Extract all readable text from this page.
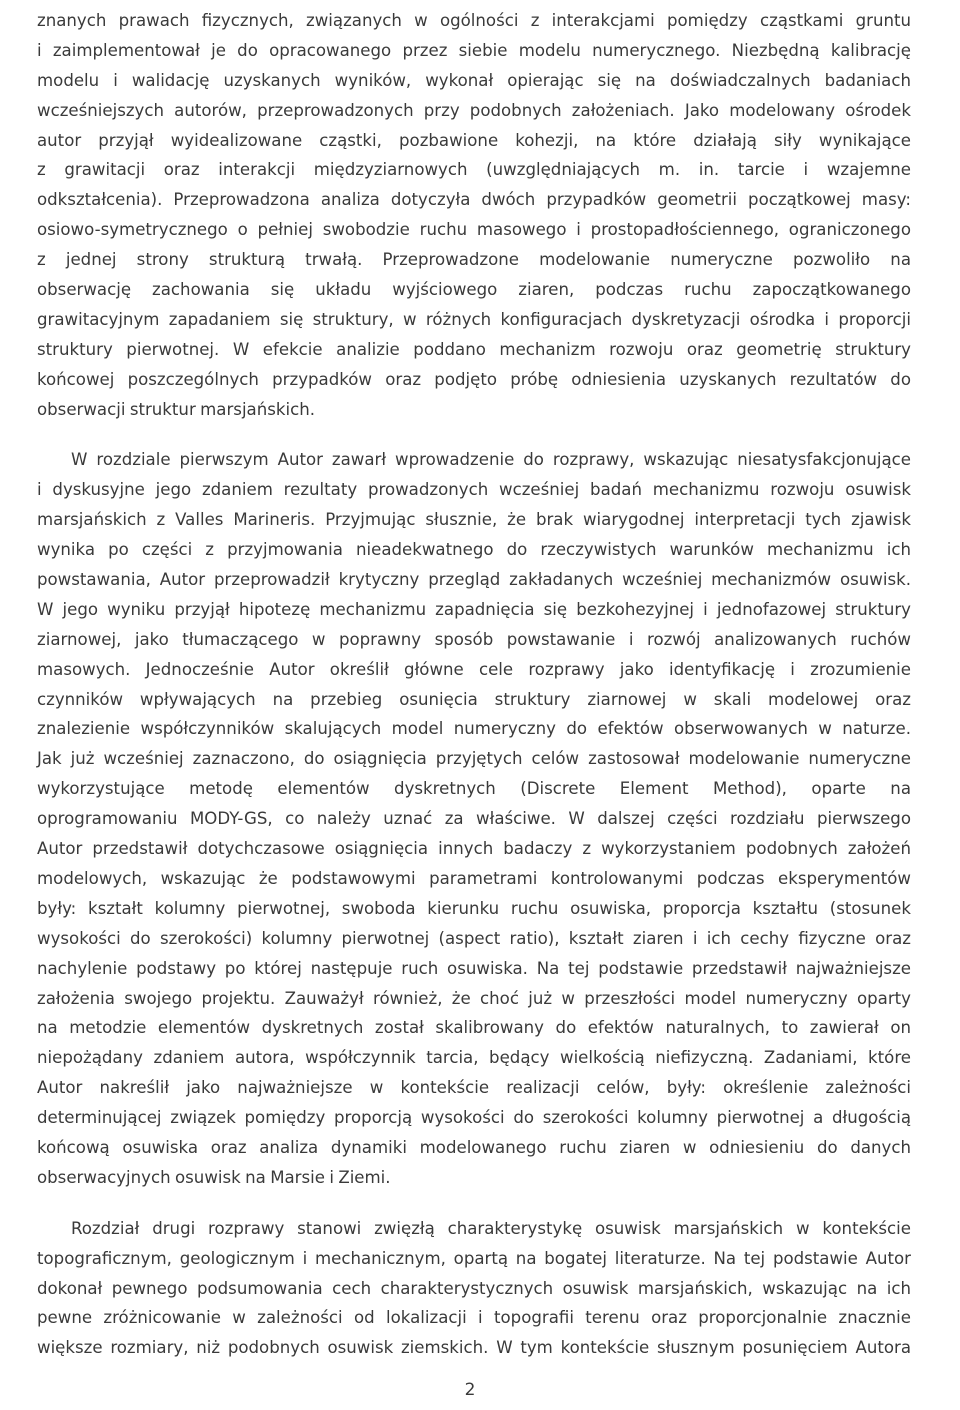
znanych prawach fizycznych, związanych w ogólności z interakcjami pomiędzy cząstkami gruntu
i zaimplementował je do opracowanego przez siebie modelu numerycznego. Niezbędną kalibrację
modelu i walidację uzyskanych wyników, wykonał opierając się na doświadczalnych badaniach
wcześniejszych autorów, przeprowadzonych przy podobnych założeniach. Jako modelowany ośrodek
autor przyjął wyidealizowane cząstki, pozbawione kohezji, na które działają siły wynikające
z grawitacji oraz interakcji międzyziarnowych (uwzględniających m. in. tarcie i wzajemne
odkształcenia). Przeprowadzona analiza dotyczyła dwóch przypadków geometrii początkowej masy:
osiowo-symetrycznego o pełniej swobodzie ruchu masowego i prostopadłościennego, ograniczonego
z jednej strony strukturą trwałą. Przeprowadzone modelowanie numeryczne pozwoliło na
obserwację zachowania się układu wyjściowego ziaren, podczas ruchu zapoczątkowanego
grawitacyjnym zapadaniem się struktury, w różnych konfiguracjach dyskretyzacji ośrodka i proporcji
struktury pierwotnej. W efekcie analizie poddano mechanizm rozwoju oraz geometrię struktury
końcowej poszczególnych przypadków oraz podjęto próbę odniesienia uzyskanych rezultatów do
obserwacji struktur marsjańskich.
W rozdziale pierwszym Autor zawarł wprowadzenie do rozprawy, wskazując niesatysfakcjonujące
i dyskusyjne jego zdaniem rezultaty prowadzonych wcześniej badań mechanizmu rozwoju osuwisk
marsjańskich z Valles Marineris. Przyjmując słusznie, że brak wiarygodnej interpretacji tych zjawisk
wynika po części z przyjmowania nieadekwatnego do rzeczywistych warunków mechanizmu ich
powstawania, Autor przeprowadził krytyczny przegląd zakładanych wcześniej mechanizmów osuwisk.
W jego wyniku przyjął hipotezę mechanizmu zapadnięcia się bezkohezyjnej i jednofazowej struktury
ziarnowej, jako tłumaczącego w poprawny sposób powstawanie i rozwój analizowanych ruchów
masowych. Jednocześnie Autor określił główne cele rozprawy jako identyfikację i zrozumienie
czynników wpływających na przebieg osunięcia struktury ziarnowej w skali modelowej oraz
znalezienie współczynników skalujących model numeryczny do efektów obserwowanych w naturze.
Jak już wcześniej zaznaczono, do osiągnięcia przyjętych celów zastosował modelowanie numeryczne
wykorzystujące metodę elementów dyskretnych (Discrete Element Method), oparte na
oprogramowaniu MODY-GS, co należy uznać za właściwe. W dalszej części rozdziału pierwszego
Autor przedstawił dotychczasowe osiągnięcia innych badaczy z wykorzystaniem podobnych założeń
modelowych, wskazując że podstawowymi parametrami kontrolowanymi podczas eksperymentów
były: kształt kolumny pierwotnej, swoboda kierunku ruchu osuwiska, proporcja kształtu (stosunek
wysokości do szerokości) kolumny pierwotnej (aspect ratio), kształt ziaren i ich cechy fizyczne oraz
nachylenie podstawy po której następuje ruch osuwiska. Na tej podstawie przedstawił najważniejsze
założenia swojego projektu. Zauważył również, że choć już w przeszłości model numeryczny oparty
na metodzie elementów dyskretnych został skalibrowany do efektów naturalnych, to zawierał on
niepożądany zdaniem autora, współczynnik tarcia, będący wielkością niefizyczną. Zadaniami, które
Autor nakreślił jako najważniejsze w kontekście realizacji celów, były: określenie zależności
determinującej związek pomiędzy proporcją wysokości do szerokości kolumny pierwotnej a długością
końcową osuwiska oraz analiza dynamiki modelowanego ruchu ziaren w odniesieniu do danych
obserwacyjnych osuwisk na Marsie i Ziemi.
Rozdział drugi rozprawy stanowi zwięzłą charakterystykę osuwisk marsjańskich w kontekście
topograficznym, geologicznym i mechanicznym, opartą na bogatej literaturze. Na tej podstawie Autor
dokonał pewnego podsumowania cech charakterystycznych osuwisk marsjańskich, wskazując na ich
pewne zróżnicowanie w zależności od lokalizacji i topografii terenu oraz proporcjonalnie znacznie
większe rozmiary, niż podobnych osuwisk ziemskich. W tym kontekście słusznym posunięciem Autora
2
